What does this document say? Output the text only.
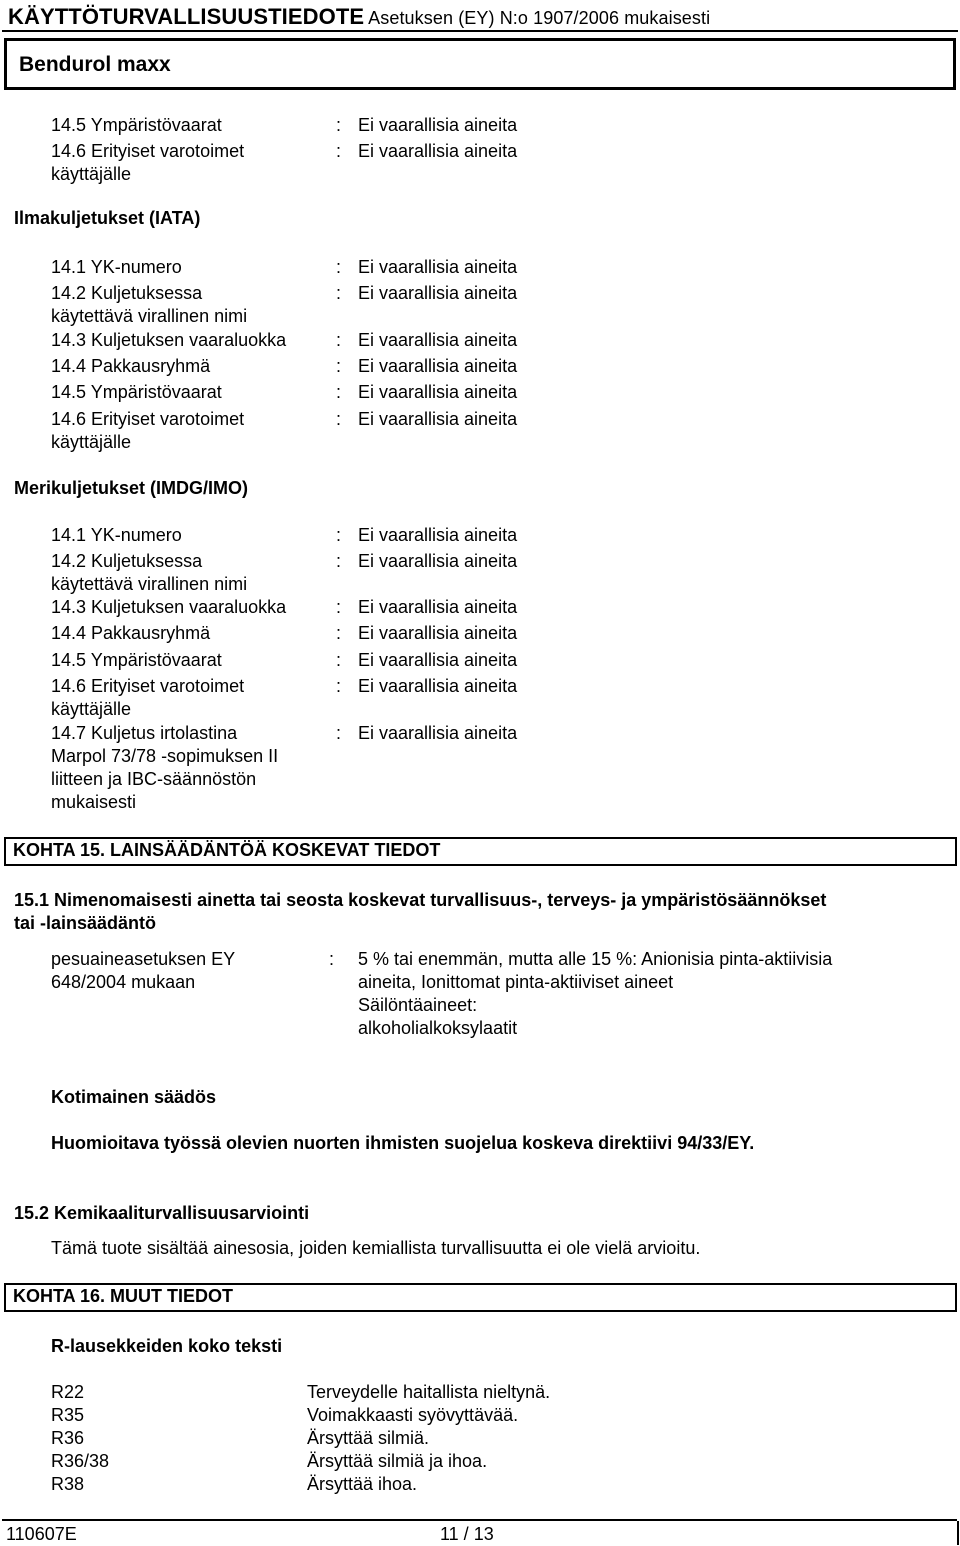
KÄYTTÖTURVALLISUUSTIEDOTE Asetuksen (EY) N:o 1907/2006 mukaisesti
Bendurol maxx
14.5 Ympäristövaarat	: Ei vaarallisia aineita
14.6 Erityiset varotoimet
käyttäjälle
: Ei vaarallisia aineita
Ilmakuljetukset (IATA)
14.1 YK-numero	: Ei vaarallisia aineita
14.2 Kuljetuksessa
käytettävä virallinen nimi
: Ei vaarallisia aineita
14.3 Kuljetuksen vaaraluokka	: Ei vaarallisia aineita
14.4 Pakkausryhmä	: Ei vaarallisia aineita
14.5 Ympäristövaarat	: Ei vaarallisia aineita
14.6 Erityiset varotoimet
käyttäjälle
: Ei vaarallisia aineita
Merikuljetukset (IMDG/IMO)
14.1 YK-numero	: Ei vaarallisia aineita
14.2 Kuljetuksessa
käytettävä virallinen nimi
: Ei vaarallisia aineita
14.3 Kuljetuksen vaaraluokka	: Ei vaarallisia aineita
14.4 Pakkausryhmä	: Ei vaarallisia aineita
14.5 Ympäristövaarat	: Ei vaarallisia aineita
14.6 Erityiset varotoimet
käyttäjälle
: Ei vaarallisia aineita
14.7 Kuljetus irtolastina
Marpol 73/78 -sopimuksen II
liitteen ja IBC-säännöstön
mukaisesti
: Ei vaarallisia aineita
KOHTA 15. LAINSÄÄDÄNTÖÄ KOSKEVAT TIEDOT
15.1 Nimenomaisesti ainetta tai seosta koskevat turvallisuus-, terveys- ja ympäristösäännökset
tai -lainsäädäntö
pesuaineasetuksen EY
648/2004 mukaan
: 5 % tai enemmän, mutta alle 15 %: Anionisia pinta-aktiivisia
aineita, Ionittomat pinta-aktiiviset aineet
Säilöntäaineet:
alkoholialkoksylaatit
Kotimainen säädös
Huomioitava työssä olevien nuorten ihmisten suojelua koskeva direktiivi 94/33/EY.
15.2 Kemikaaliturvallisuusarviointi
Tämä tuote sisältää ainesosia, joiden kemiallista turvallisuutta ei ole vielä arvioitu.
KOHTA 16. MUUT TIEDOT
R-lausekkeiden koko teksti
R22	Terveydelle haitallista nieltynä.
R35	Voimakkaasti syövyttävää.
R36	Ärsyttää silmiä.
R36/38	Ärsyttää silmiä ja ihoa.
R38	Ärsyttää ihoa.
110607E	11 / 13
